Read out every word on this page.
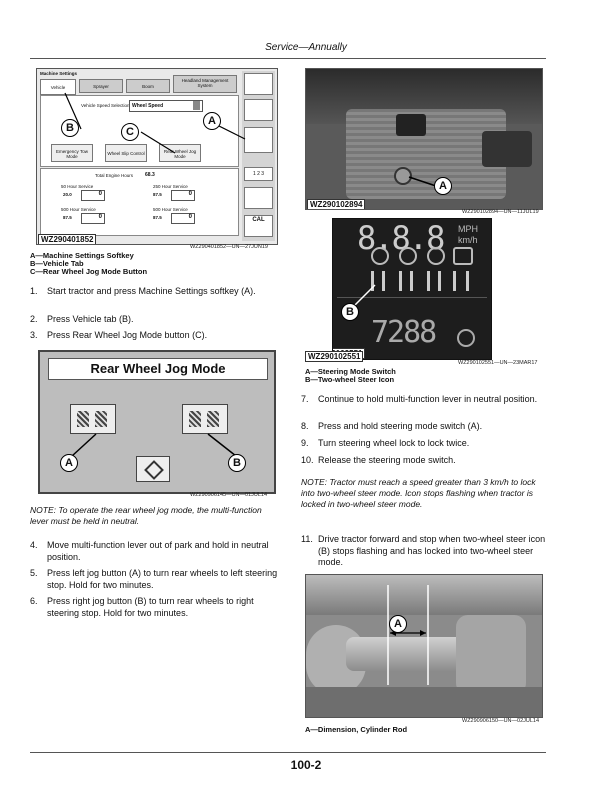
Service—Annually
Machine Settings
Vehicle	Sprayer	Boom
Headland Management System
Vehicle Speed Selection Wheel Speed
Emergency Tow Mode
Wheel Slip Control	Rear Wheel Jog Mode
Total Engine Hours 68.3
50 Hour Service
20.0	0
250 Hour Service
87.5	0
500 Hour Service
87.5	0
500 Hour Service
87.5	0
1 2 3
CAL
B	C
A
WZ290401852
WZ290401852—UN—27JUN19
A—Machine Settings Softkey
B—Vehicle Tab
C—Rear Wheel Jog Mode Button
1. Start tractor and press Machine Settings softkey (A).
2. Press Vehicle tab (B).
3. Press Rear Wheel Jog Mode button (C).
Rear Wheel Jog Mode
A	B
WZ290906145—UN—01JUL14
NOTE: To operate the rear wheel jog mode, the multi-function lever must be held in neutral.
4. Move multi-function lever out of park and hold in neutral position.
5. Press left jog button (A) to turn rear wheels to left steering stop. Hold for two minutes.
6. Press right jog button (B) to turn rear wheels to right steering stop. Hold for two minutes.
A
WZ290102894
WZ290102894—UN—11JUL19
8.8.8 MPH
km/h
7288
B
WZ290102551
WZ290102551—UN—23MAR17
A—Steering Mode Switch
B—Two-wheel Steer Icon
7. Continue to hold multi-function lever in neutral position.
8. Press and hold steering mode switch (A).
9. Turn steering wheel lock to lock twice.
10. Release the steering mode switch.
NOTE: Tractor must reach a speed greater than 3 km/h to lock into two-wheel steer mode. Icon stops flashing when tractor is locked in two-wheel steer mode.
11. Drive tractor forward and stop when two-wheel steer icon (B) stops flashing and has locked into two-wheel steer mode.
A
WZ290906150—UN—02JUL14
A—Dimension, Cylinder Rod
100-2
